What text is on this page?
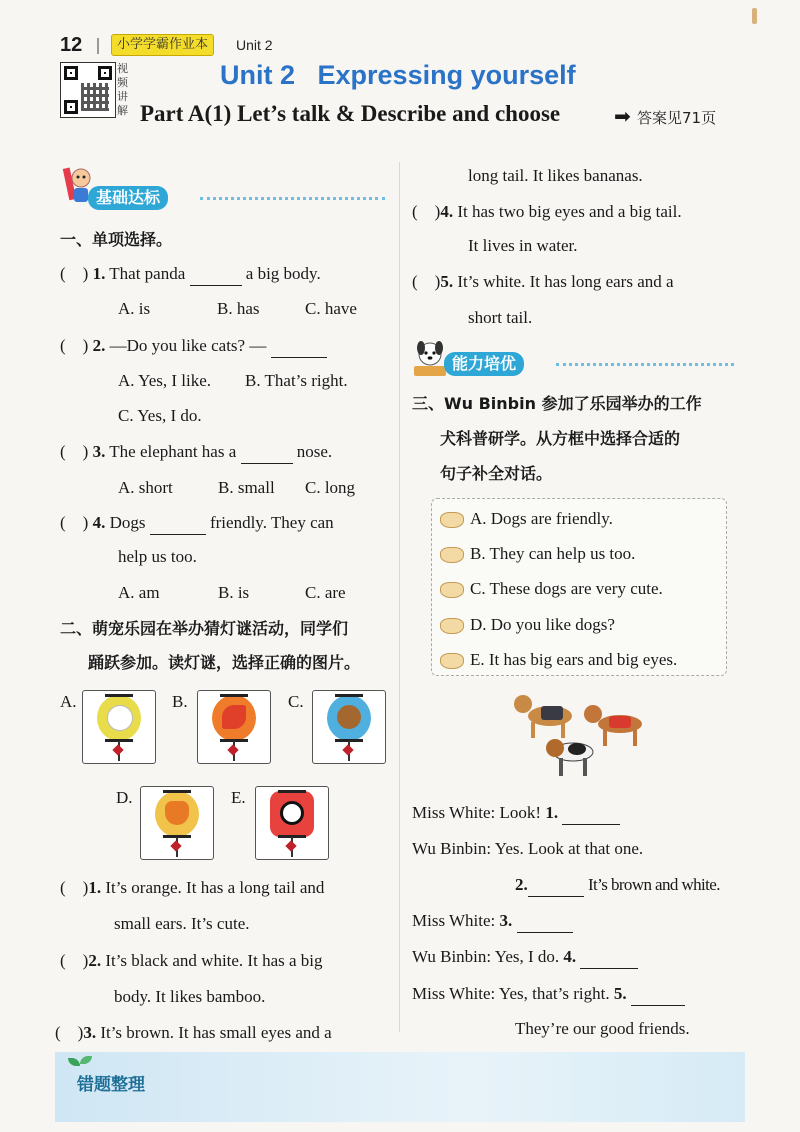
12	小学学霸作业本	Unit 2
视频讲解
Unit 2   Expressing yourself
Part A(1) Let’s talk & Describe and choose	➡ 答案见71页
基础达标
一、单项选择。
(　) 1. That panda	a big body.
A. is	B. has	C. have
(　) 2. —Do you like cats? —
A. Yes, I like. B. That’s right.
C. Yes, I do.
(　) 3. The elephant has a	nose.
A. short	B. small C. long
(　) 4. Dogs	friendly. They can
help us too.
A. am	B. is	C. are
二、萌宠乐园在举办猜灯谜活动，同学们
踊跃参加。读灯谜，选择正确的图片。
A.	B.	C.
D.	E.
(　)1. It’s orange. It has a long tail and
small ears. It’s cute.
(　)2. It’s black and white. It has a big
body. It likes bamboo.
(　)3. It’s brown. It has small eyes and a
long tail. It likes bananas.
(　)4. It has two big eyes and a big tail.
It lives in water.
(　)5. It’s white. It has long ears and a
short tail.
能力培优
三、Wu Binbin 参加了乐园举办的工作
犬科普研学。从方框中选择合适的
句子补全对话。
A. Dogs are friendly.
B. They can help us too.
C. These dogs are very cute.
D. Do you like dogs?
E. It has big ears and big eyes.
Miss White: Look! 1.
Wu Binbin: Yes. Look at that one.
2.	It’s brown and white.
Miss White: 3.
Wu Binbin: Yes, I do. 4.
Miss White: Yes, that’s right. 5.
They’re our good friends.
错题整理
